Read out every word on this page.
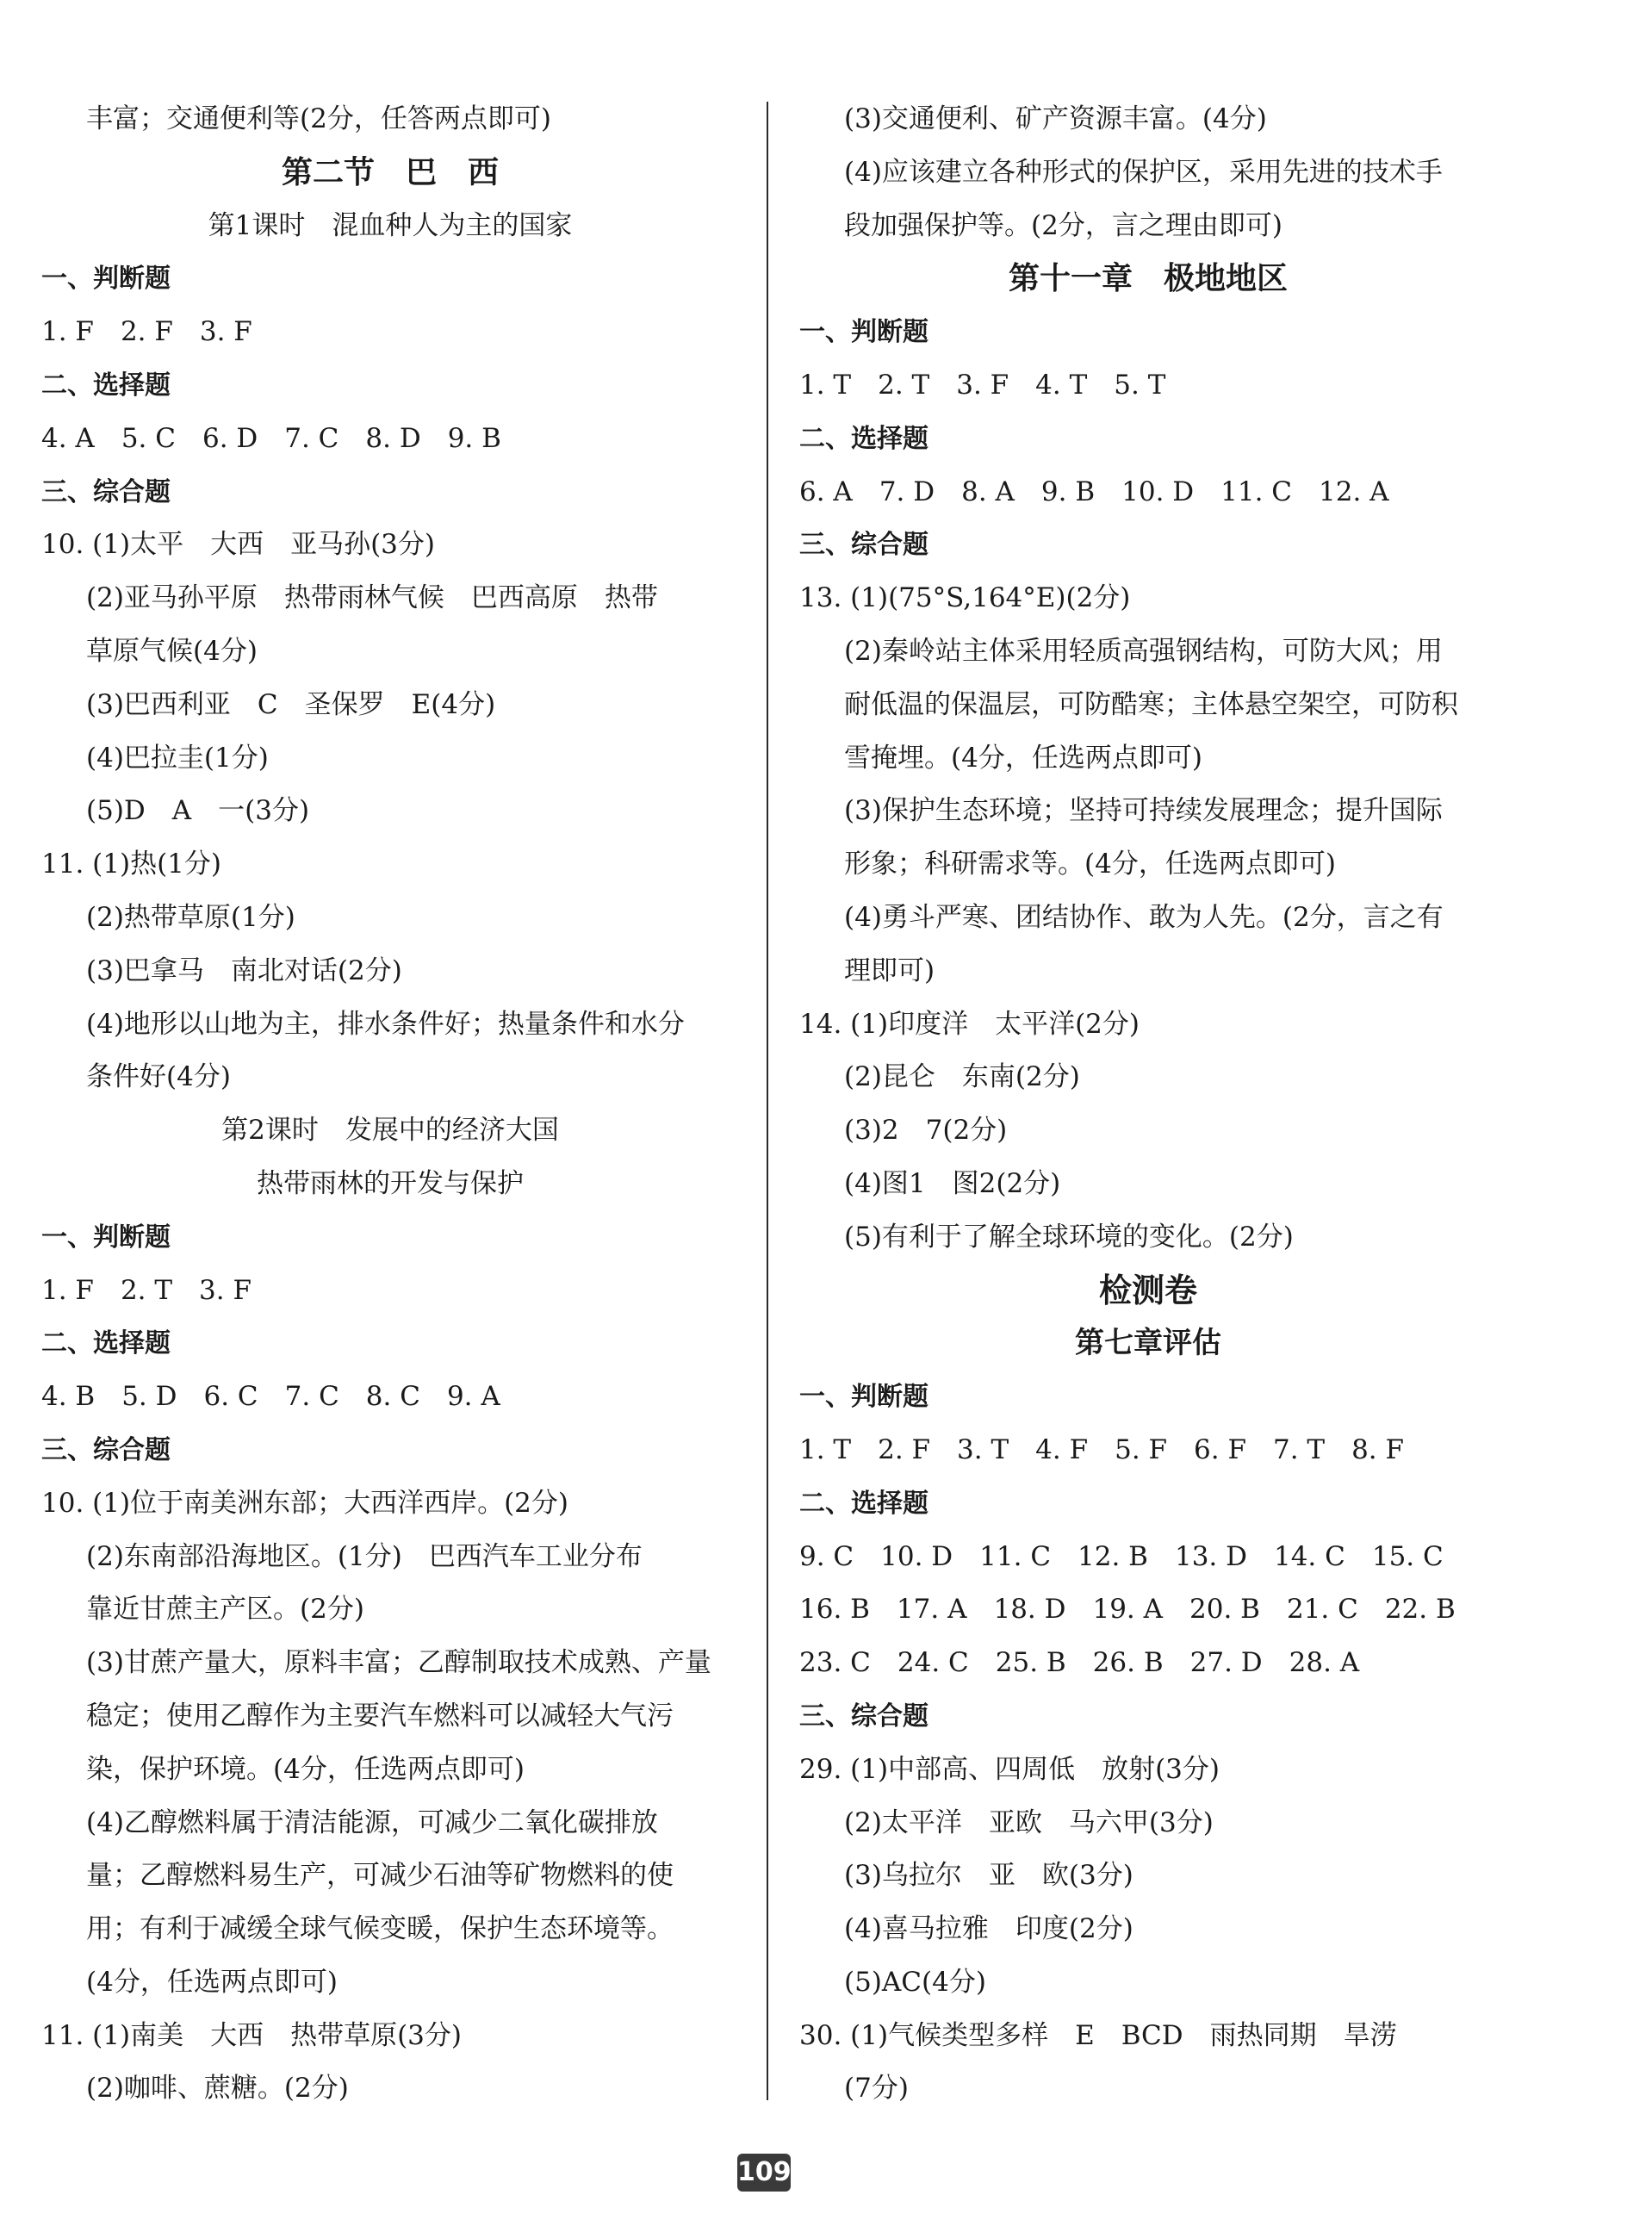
丰富；交通便利等(2分，任答两点即可)
第二节　巴　西
第1课时　混血种人为主的国家
一、判断题
1. F　2. F　3. F
二、选择题
4. A　5. C　6. D　7. C　8. D　9. B
三、综合题
10. (1)太平　大西　亚马孙(3分)
(2)亚马孙平原　热带雨林气候　巴西高原　热带
草原气候(4分)
(3)巴西利亚　C　圣保罗　E(4分)
(4)巴拉圭(1分)
(5)D　A　一(3分)
11. (1)热(1分)
(2)热带草原(1分)
(3)巴拿马　南北对话(2分)
(4)地形以山地为主，排水条件好；热量条件和水分
条件好(4分)
第2课时　发展中的经济大国
热带雨林的开发与保护
一、判断题
1. F　2. T　3. F
二、选择题
4. B　5. D　6. C　7. C　8. C　9. A
三、综合题
10. (1)位于南美洲东部；大西洋西岸。(2分)
(2)东南部沿海地区。(1分)　巴西汽车工业分布
靠近甘蔗主产区。(2分)
(3)甘蔗产量大，原料丰富；乙醇制取技术成熟、产量
稳定；使用乙醇作为主要汽车燃料可以减轻大气污
染，保护环境。(4分，任选两点即可)
(4)乙醇燃料属于清洁能源，可减少二氧化碳排放
量；乙醇燃料易生产，可减少石油等矿物燃料的使
用；有利于减缓全球气候变暖，保护生态环境等。
(4分，任选两点即可)
11. (1)南美　大西　热带草原(3分)
(2)咖啡、蔗糖。(2分)
(3)交通便利、矿产资源丰富。(4分)
(4)应该建立各种形式的保护区，采用先进的技术手
段加强保护等。(2分，言之理由即可)
第十一章　极地地区
一、判断题
1. T　2. T　3. F　4. T　5. T
二、选择题
6. A　7. D　8. A　9. B　10. D　11. C　12. A
三、综合题
13. (1)(75°S,164°E)(2分)
(2)秦岭站主体采用轻质高强钢结构，可防大风；用
耐低温的保温层，可防酷寒；主体悬空架空，可防积
雪掩埋。(4分，任选两点即可)
(3)保护生态环境；坚持可持续发展理念；提升国际
形象；科研需求等。(4分，任选两点即可)
(4)勇斗严寒、团结协作、敢为人先。(2分，言之有
理即可)
14. (1)印度洋　太平洋(2分)
(2)昆仑　东南(2分)
(3)2　7(2分)
(4)图1　图2(2分)
(5)有利于了解全球环境的变化。(2分)
检测卷
第七章评估
一、判断题
1. T　2. F　3. T　4. F　5. F　6. F　7. T　8. F
二、选择题
9. C　10. D　11. C　12. B　13. D　14. C　15. C
16. B　17. A　18. D　19. A　20. B　21. C　22. B
23. C　24. C　25. B　26. B　27. D　28. A
三、综合题
29. (1)中部高、四周低　放射(3分)
(2)太平洋　亚欧　马六甲(3分)
(3)乌拉尔　亚　欧(3分)
(4)喜马拉雅　印度(2分)
(5)AC(4分)
30. (1)气候类型多样　E　BCD　雨热同期　旱涝
(7分)
109
